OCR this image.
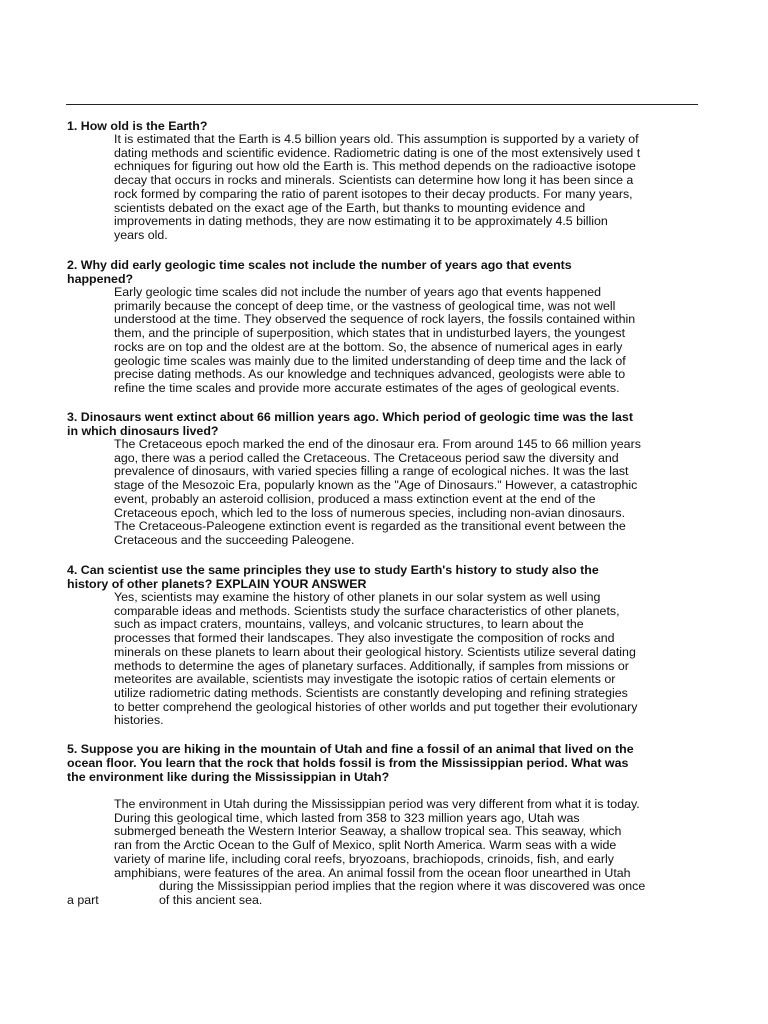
1. How old is the Earth?

It is estimated that the Earth is 4.5 billion years old. This assumption is supported by a variety of
dating methods and scientific evidence. Radiometric dating is one of the most extensively used t
echniques for figuring out how old the Earth is. This method depends on the radioactive isotope
decay that occurs in rocks and minerals. Scientists can determine how long it has been since a
rock formed by comparing the ratio of parent isotopes to their decay products. For many years,
scientists debated on the exact age of the Earth, but thanks to mounting evidence and
improvements in dating methods, they are now estimating it to be approximately 4.5 billion
years old.

2. Why did early geologic time scales not include the number of years ago that events
happened?

Early geologic time scales did not include the number of years ago that events happened
primarily because the concept of deep time, or the vastness of geological time, was not well
understood at the time. They observed the sequence of rock layers, the fossils contained within
them, and the principle of superposition, which states that in undisturbed layers, the youngest
rocks are on top and the oldest are at the bottom. So, the absence of numerical ages in early
geologic time scales was mainly due to the limited understanding of deep time and the lack of
precise dating methods. As our knowledge and techniques advanced, geologists were able to
refine the time scales and provide more accurate estimates of the ages of geological events.

3. Dinosaurs went extinct about 66 million years ago. Which period of geologic time was the last
in which dinosaurs lived?

The Cretaceous epoch marked the end of the dinosaur era. From around 145 to 66 million years
ago, there was a period called the Cretaceous. The Cretaceous period saw the diversity and
prevalence of dinosaurs, with varied species filling a range of ecological niches. It was the last
stage of the Mesozoic Era, popularly known as the "Age of Dinosaurs." However, a catastrophic
event, probably an asteroid collision, produced a mass extinction event at the end of the
Cretaceous epoch, which led to the loss of numerous species, including non-avian dinosaurs.
The Cretaceous-Paleogene extinction event is regarded as the transitional event between the
Cretaceous and the succeeding Paleogene.

4. Can scientist use the same principles they use to study Earth's history to study also the
history of other planets? EXPLAIN YOUR ANSWER

Yes, scientists may examine the history of other planets in our solar system as well using
comparable ideas and methods. Scientists study the surface characteristics of other planets,
such as impact craters, mountains, valleys, and volcanic structures, to learn about the
processes that formed their landscapes. They also investigate the composition of rocks and
minerals on these planets to learn about their geological history. Scientists utilize several dating
methods to determine the ages of planetary surfaces. Additionally, if samples from missions or
meteorites are available, scientists may investigate the isotopic ratios of certain elements or
utilize radiometric dating methods. Scientists are constantly developing and refining strategies
to better comprehend the geological histories of other worlds and put together their evolutionary
histories.

5. Suppose you are hiking in the mountain of Utah and fine a fossil of an animal that lived on the
ocean floor. You learn that the rock that holds fossil is from the Mississippian period. What was
the environment like during the Mississippian in Utah?

The environment in Utah during the Mississippian period was very different from what it is today.
During this geological time, which lasted from 358 to 323 million years ago, Utah was
submerged beneath the Western Interior Seaway, a shallow tropical sea. This seaway, which
ran from the Arctic Ocean to the Gulf of Mexico, split North America. Warm seas with a wide
variety of marine life, including coral reefs, bryozoans, brachiopods, crinoids, fish, and early
amphibians, were features of the area. An animal fossil from the ocean floor unearthed in Utah

during the Mississippian period implies that the region where it was discovered was once
a part	of this ancient sea.
